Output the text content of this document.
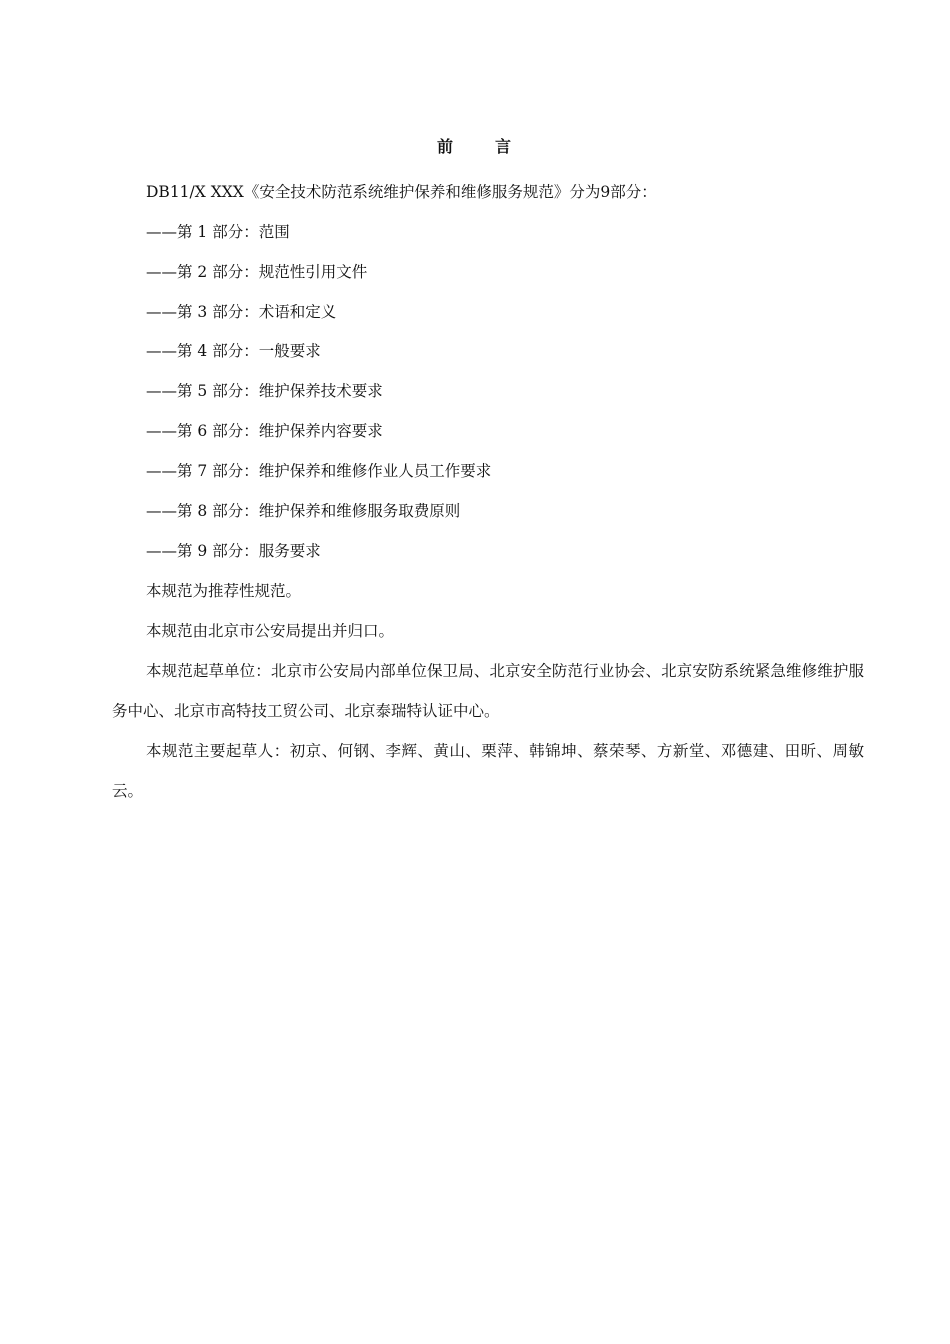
前	言

DB11/X XXX《安全技术防范系统维护保养和维修服务规范》分为9部分：

——第 1 部分：范围

——第 2 部分：规范性引用文件

——第 3 部分：术语和定义

——第 4 部分：一般要求

——第 5 部分：维护保养技术要求

——第 6 部分：维护保养内容要求

——第 7 部分：维护保养和维修作业人员工作要求

——第 8 部分：维护保养和维修服务取费原则

——第 9 部分：服务要求

本规范为推荐性规范。

本规范由北京市公安局提出并归口。

本规范起草单位：北京市公安局内部单位保卫局、北京安全防范行业协会、北京安防系统紧急维修维护服务中心、北京市高特技工贸公司、北京泰瑞特认证中心。

本规范主要起草人：初京、何钢、李辉、黄山、栗萍、韩锦坤、蔡荣琴、方新堂、邓德建、田昕、周敏云。
